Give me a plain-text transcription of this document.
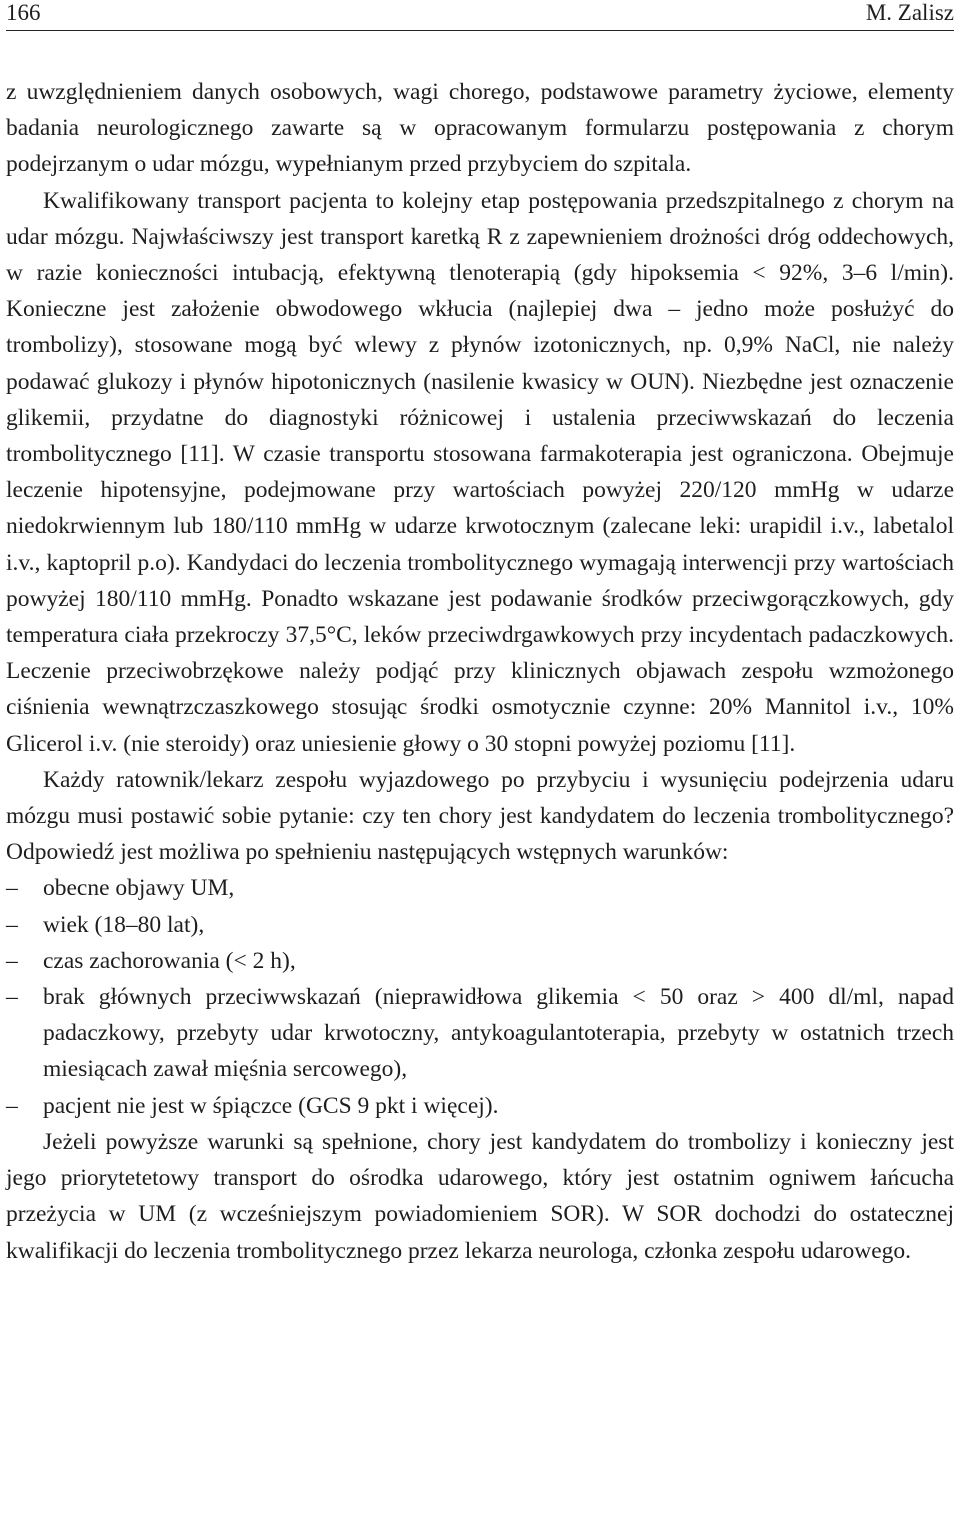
166	M. Zalisz

z uwzględnieniem danych osobowych, wagi chorego, podstawowe parametry życiowe, elementy badania neurologicznego zawarte są w opracowanym formularzu postępowania z chorym podejrzanym o udar mózgu, wypełnianym przed przybyciem do szpitala.

Kwalifikowany transport pacjenta to kolejny etap postępowania przedszpitalnego z chorym na udar mózgu. Najwłaściwszy jest transport karetką R z zapewnieniem drożności dróg oddechowych, w razie konieczności intubacją, efektywną tlenoterapią (gdy hipoksemia < 92%, 3–6 l/min). Konieczne jest założenie obwodowego wkłucia (najlepiej dwa – jedno może posłużyć do trombolizy), stosowane mogą być wlewy z płynów izotonicznych, np. 0,9% NaCl, nie należy podawać glukozy i płynów hipotonicznych (nasilenie kwasicy w OUN). Niezbędne jest oznaczenie glikemii, przydatne do diagnostyki różnicowej i ustalenia przeciwwskazań do leczenia trombolitycznego [11]. W czasie transportu stosowana farmakoterapia jest ograniczona. Obejmuje leczenie hipotensyjne, podejmowane przy wartościach powyżej 220/120 mmHg w udarze niedokrwiennym lub 180/110 mmHg w udarze krwotocznym (zalecane leki: urapidil i.v., labetalol i.v., kaptopril p.o). Kandydaci do leczenia trombolitycznego wymagają interwencji przy wartościach powyżej 180/110 mmHg. Ponadto wskazane jest podawanie środków przeciwgorączkowych, gdy temperatura ciała przekroczy 37,5°C, leków przeciwdrgawkowych przy incydentach padaczkowych. Leczenie przeciwobrzękowe należy podjąć przy klinicznych objawach zespołu wzmożonego ciśnienia wewnątrzczaszkowego stosując środki osmotycznie czynne: 20% Mannitol i.v., 10% Glicerol i.v. (nie steroidy) oraz uniesienie głowy o 30 stopni powyżej poziomu [11].

Każdy ratownik/lekarz zespołu wyjazdowego po przybyciu i wysunięciu podejrzenia udaru mózgu musi postawić sobie pytanie: czy ten chory jest kandydatem do leczenia trombolitycznego? Odpowiedź jest możliwa po spełnieniu następujących wstępnych warunków:

– obecne objawy UM,
– wiek (18–80 lat),
– czas zachorowania (< 2 h),
– brak głównych przeciwwskazań (nieprawidłowa glikemia < 50 oraz > 400 dl/ml, napad padaczkowy, przebyty udar krwotoczny, antykoagulantoterapia, przebyty w ostatnich trzech miesiącach zawał mięśnia sercowego),
– pacjent nie jest w śpiączce (GCS 9 pkt i więcej).

Jeżeli powyższe warunki są spełnione, chory jest kandydatem do trombolizy i konieczny jest jego priorytetetowy transport do ośrodka udarowego, który jest ostatnim ogniwem łańcucha przeżycia w UM (z wcześniejszym powiadomieniem SOR). W SOR dochodzi do ostatecznej kwalifikacji do leczenia trombolitycznego przez lekarza neurologa, członka zespołu udarowego.
